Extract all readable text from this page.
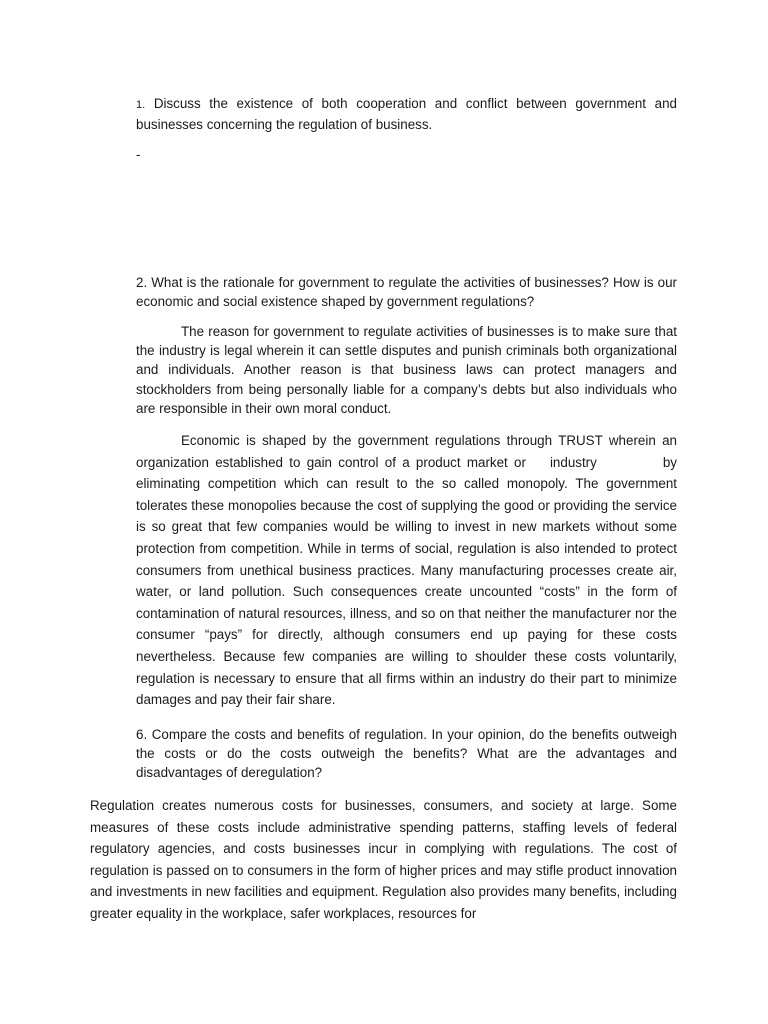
1. Discuss the existence of both cooperation and conflict between government and businesses concerning the regulation of business.

-

2. What is the rationale for government to regulate the activities of businesses? How is our economic and social existence shaped by government regulations?

The reason for government to regulate activities of businesses is to make sure that the industry is legal wherein it can settle disputes and punish criminals both organizational and individuals. Another reason is that business laws can protect managers and stockholders from being personally liable for a company’s debts but also individuals who are responsible in their own moral conduct.

Economic is shaped by the government regulations through TRUST wherein an organization established to gain control of a product market or industry	by eliminating competition which can result to the so called monopoly. The government tolerates these monopolies because the cost of supplying the good or providing the service is so great that few companies would be willing to invest in new markets without some protection from competition. While in terms of social, regulation is also intended to protect consumers from unethical business practices. Many manufacturing processes create air, water, or land pollution. Such consequences create uncounted “costs” in the form of contamination of natural resources, illness, and so on that neither the manufacturer nor the consumer “pays” for directly, although consumers end up paying for these costs nevertheless. Because few companies are willing to shoulder these costs voluntarily, regulation is necessary to ensure that all firms within an industry do their part to minimize damages and pay their fair share.

6. Compare the costs and benefits of regulation. In your opinion, do the benefits outweigh the costs or do the costs outweigh the benefits? What are the advantages and disadvantages of deregulation?

Regulation creates numerous costs for businesses, consumers, and society at large. Some measures of these costs include administrative spending patterns, staffing levels of federal regulatory agencies, and costs businesses incur in complying with regulations. The cost of regulation is passed on to consumers in the form of higher prices and may stifle product innovation and investments in new facilities and equipment. Regulation also provides many benefits, including greater equality in the workplace, safer workplaces, resources for
